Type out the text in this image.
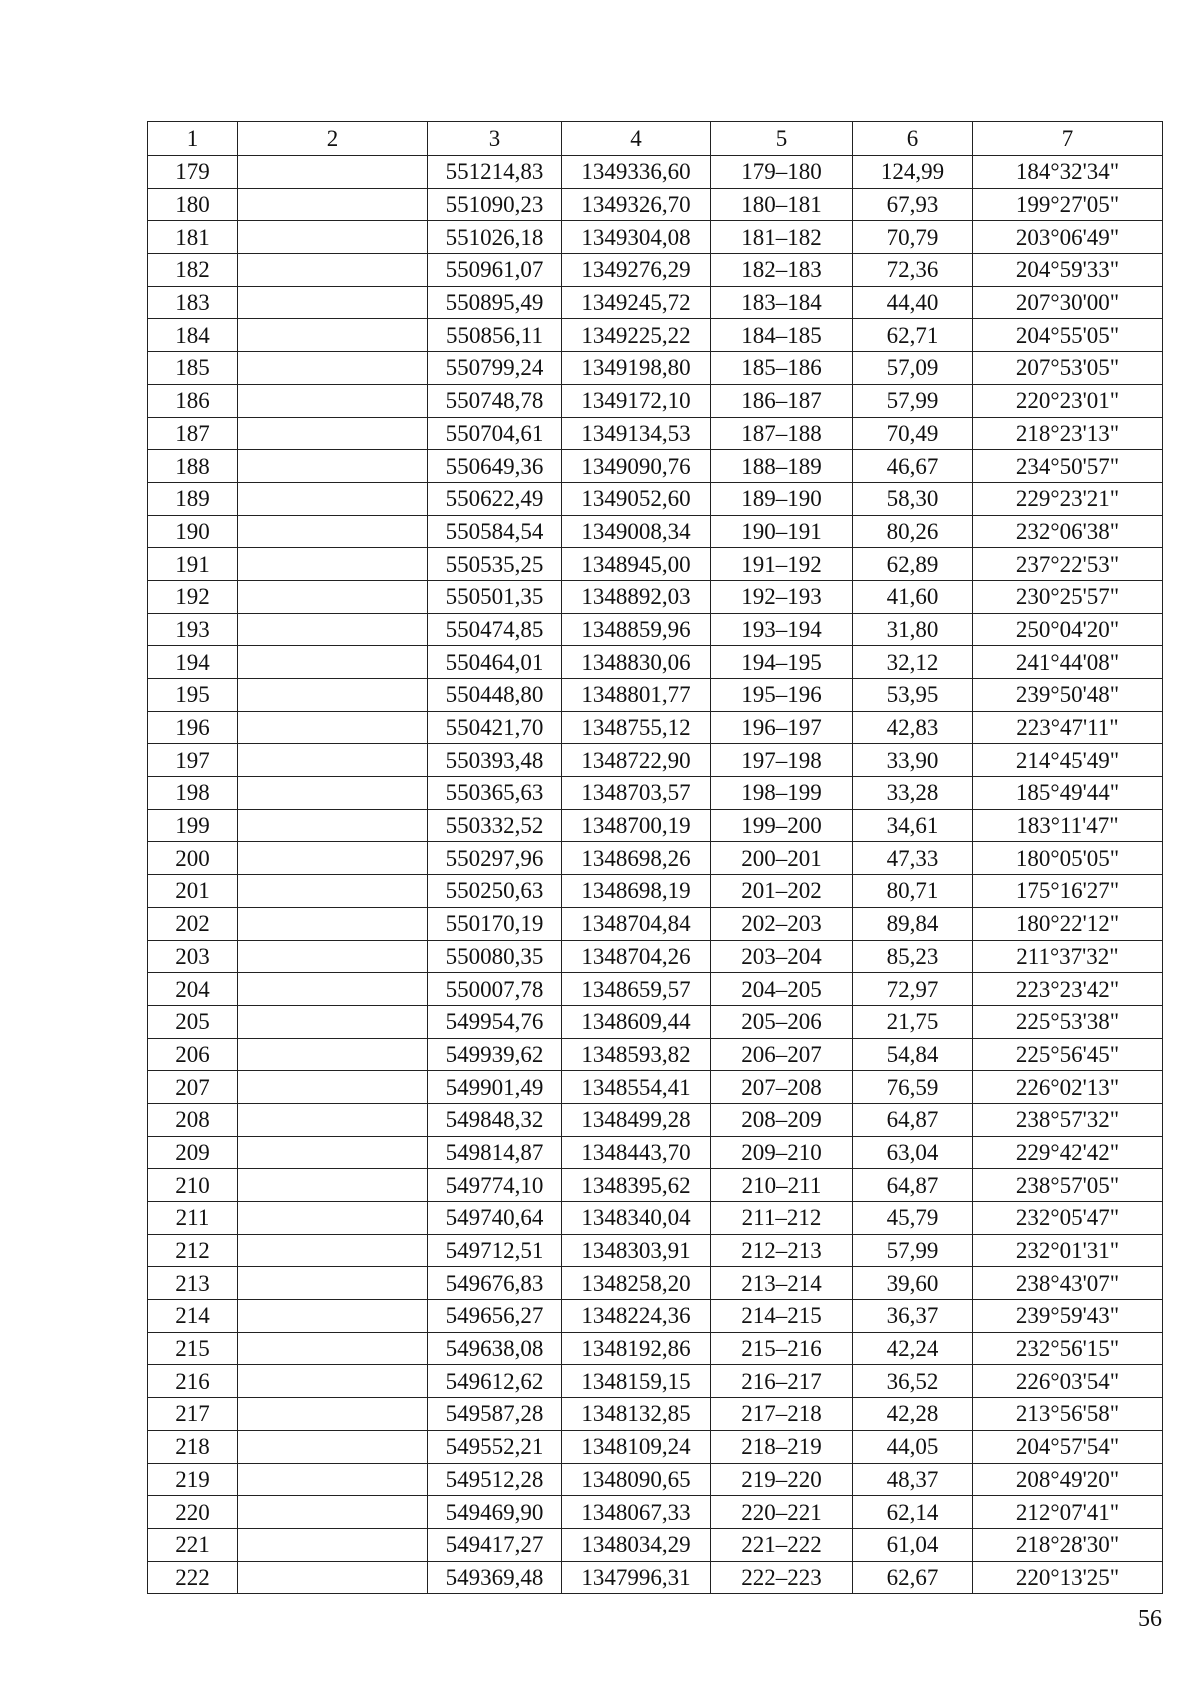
1	2	3	4	5	6	7
179		551214,83	1349336,60	179–180	124,99	184°32'34"
180		551090,23	1349326,70	180–181	67,93	199°27'05"
181		551026,18	1349304,08	181–182	70,79	203°06'49"
182		550961,07	1349276,29	182–183	72,36	204°59'33"
183		550895,49	1349245,72	183–184	44,40	207°30'00"
184		550856,11	1349225,22	184–185	62,71	204°55'05"
185		550799,24	1349198,80	185–186	57,09	207°53'05"
186		550748,78	1349172,10	186–187	57,99	220°23'01"
187		550704,61	1349134,53	187–188	70,49	218°23'13"
188		550649,36	1349090,76	188–189	46,67	234°50'57"
189		550622,49	1349052,60	189–190	58,30	229°23'21"
190		550584,54	1349008,34	190–191	80,26	232°06'38"
191		550535,25	1348945,00	191–192	62,89	237°22'53"
192		550501,35	1348892,03	192–193	41,60	230°25'57"
193		550474,85	1348859,96	193–194	31,80	250°04'20"
194		550464,01	1348830,06	194–195	32,12	241°44'08"
195		550448,80	1348801,77	195–196	53,95	239°50'48"
196		550421,70	1348755,12	196–197	42,83	223°47'11"
197		550393,48	1348722,90	197–198	33,90	214°45'49"
198		550365,63	1348703,57	198–199	33,28	185°49'44"
199		550332,52	1348700,19	199–200	34,61	183°11'47"
200		550297,96	1348698,26	200–201	47,33	180°05'05"
201		550250,63	1348698,19	201–202	80,71	175°16'27"
202		550170,19	1348704,84	202–203	89,84	180°22'12"
203		550080,35	1348704,26	203–204	85,23	211°37'32"
204		550007,78	1348659,57	204–205	72,97	223°23'42"
205		549954,76	1348609,44	205–206	21,75	225°53'38"
206		549939,62	1348593,82	206–207	54,84	225°56'45"
207		549901,49	1348554,41	207–208	76,59	226°02'13"
208		549848,32	1348499,28	208–209	64,87	238°57'32"
209		549814,87	1348443,70	209–210	63,04	229°42'42"
210		549774,10	1348395,62	210–211	64,87	238°57'05"
211		549740,64	1348340,04	211–212	45,79	232°05'47"
212		549712,51	1348303,91	212–213	57,99	232°01'31"
213		549676,83	1348258,20	213–214	39,60	238°43'07"
214		549656,27	1348224,36	214–215	36,37	239°59'43"
215		549638,08	1348192,86	215–216	42,24	232°56'15"
216		549612,62	1348159,15	216–217	36,52	226°03'54"
217		549587,28	1348132,85	217–218	42,28	213°56'58"
218		549552,21	1348109,24	218–219	44,05	204°57'54"
219		549512,28	1348090,65	219–220	48,37	208°49'20"
220		549469,90	1348067,33	220–221	62,14	212°07'41"
221		549417,27	1348034,29	221–222	61,04	218°28'30"
222		549369,48	1347996,31	222–223	62,67	220°13'25"
56
